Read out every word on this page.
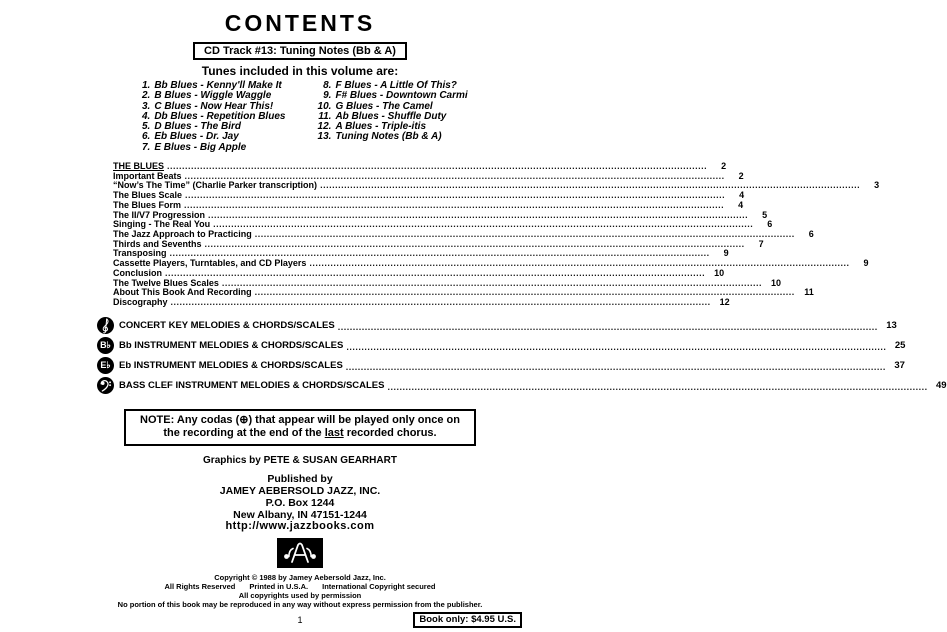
CONTENTS
CD Track #13: Tuning Notes (Bb & A)
Tunes included in this volume are:
1. Bb Blues - Kenny'll Make It
2. B Blues - Wiggle Waggle
3. C Blues - Now Hear This!
4. Db Blues - Repetition Blues
5. D Blues - The Bird
6. Eb Blues - Dr. Jay
7. E Blues - Big Apple
8. F Blues - A Little Of This?
9. F# Blues - Downtown Carmi
10. G Blues - The Camel
11. Ab Blues - Shuffle Duty
12. A Blues - Triple-itis
13. Tuning Notes (Bb & A)
THE BLUES .....	2
Important Beats .....	2
“Now’s The Time” (Charlie Parker transcription) .....	3
The Blues Scale .....	4
The Blues Form .....	4
The II/V7 Progression .....	5
Singing - The Real You .....	6
The Jazz Approach to Practicing .....	6
Thirds and Sevenths .....	7
Transposing .....	9
Cassette Players, Turntables, and CD Players .....	9
Conclusion .....	10
The Twelve Blues Scales .....	10
About This Book And Recording .....	11
Discography .....	12
CONCERT KEY MELODIES & CHORDS/SCALES .....	13
B♭ Bb INSTRUMENT MELODIES & CHORDS/SCALES .....	25
E♭ Eb INSTRUMENT MELODIES & CHORDS/SCALES .....	37
BASS CLEF INSTRUMENT MELODIES & CHORDS/SCALES .....	49
NOTE: Any codas (⊕) that appear will be played only once on the recording at the end of the last recorded chorus.
Graphics by PETE & SUSAN GEARHART
Published by
JAMEY AEBERSOLD JAZZ, INC.
P.O. Box 1244
New Albany, IN 47151-1244
http://www.jazzbooks.com
Copyright © 1988 by Jamey Aebersold Jazz, Inc.
All Rights Reserved Printed in U.S.A. International Copyright secured
All copyrights used by permission
No portion of this book may be reproduced in any way without express permission from the publisher.
1	Book only: $4.95 U.S.
